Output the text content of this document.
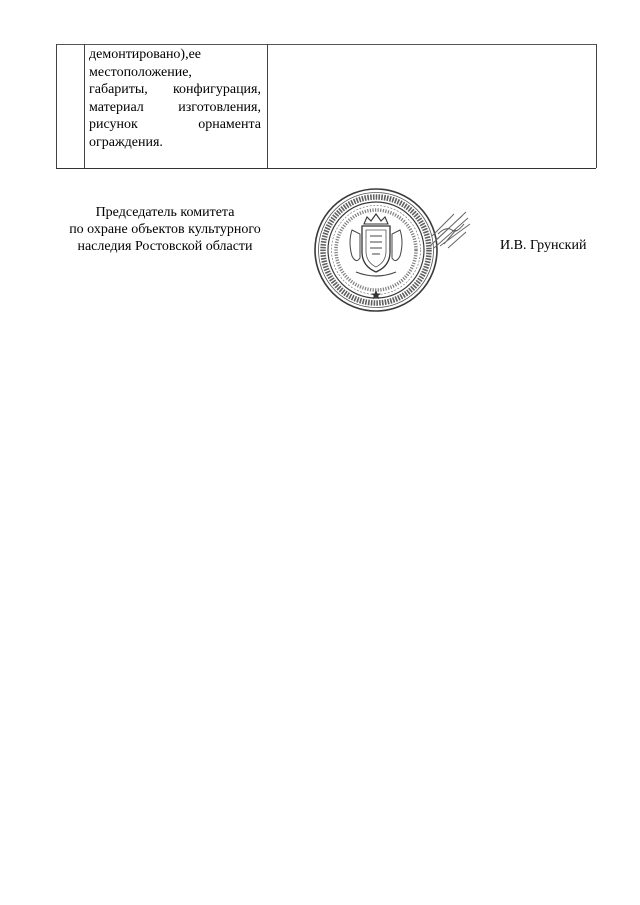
демонтировано),ее
местоположение,
габариты, конфигурация,
материал изготовления,
рисунок орнамента
ограждения.
Председатель комитета
по охране объектов культурного
наследия Ростовской области	И.В. Грунский
